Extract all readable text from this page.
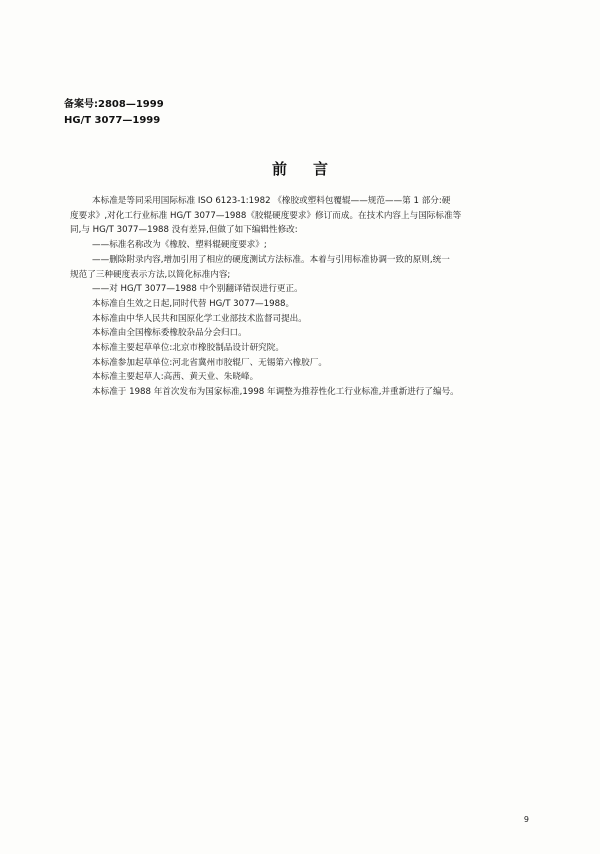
备案号:2808—1999
HG/T 3077—1999
前言

本标准是等同采用国际标准 ISO 6123-1:1982 《橡胶或塑料包覆辊——规范——第 1 部分:硬

度要求》,对化工行业标准 HG/T 3077—1988《胶辊硬度要求》修订而成。在技术内容上与国际标准等

同,与 HG/T 3077—1988 没有差异,但做了如下编辑性修改:

——标准名称改为《橡胶、塑料辊硬度要求》;

——删除附录内容,增加引用了相应的硬度测试方法标准。本着与引用标准协调一致的原则,统一

规范了三种硬度表示方法,以简化标准内容;

——对 HG/T 3077—1988 中个别翻译错误进行更正。

本标准自生效之日起,同时代替 HG/T 3077—1988。

本标准由中华人民共和国原化学工业部技术监督司提出。

本标准由全国橡标委橡胶杂品分会归口。

本标准主要起草单位:北京市橡胶制品设计研究院。

本标准参加起草单位:河北省冀州市胶辊厂、无锡第六橡胶厂。

本标准主要起草人:高茜、黄天业、朱晓峰。

本标准于 1988 年首次发布为国家标准,1998 年调整为推荐性化工行业标准,并重新进行了编号。

9
